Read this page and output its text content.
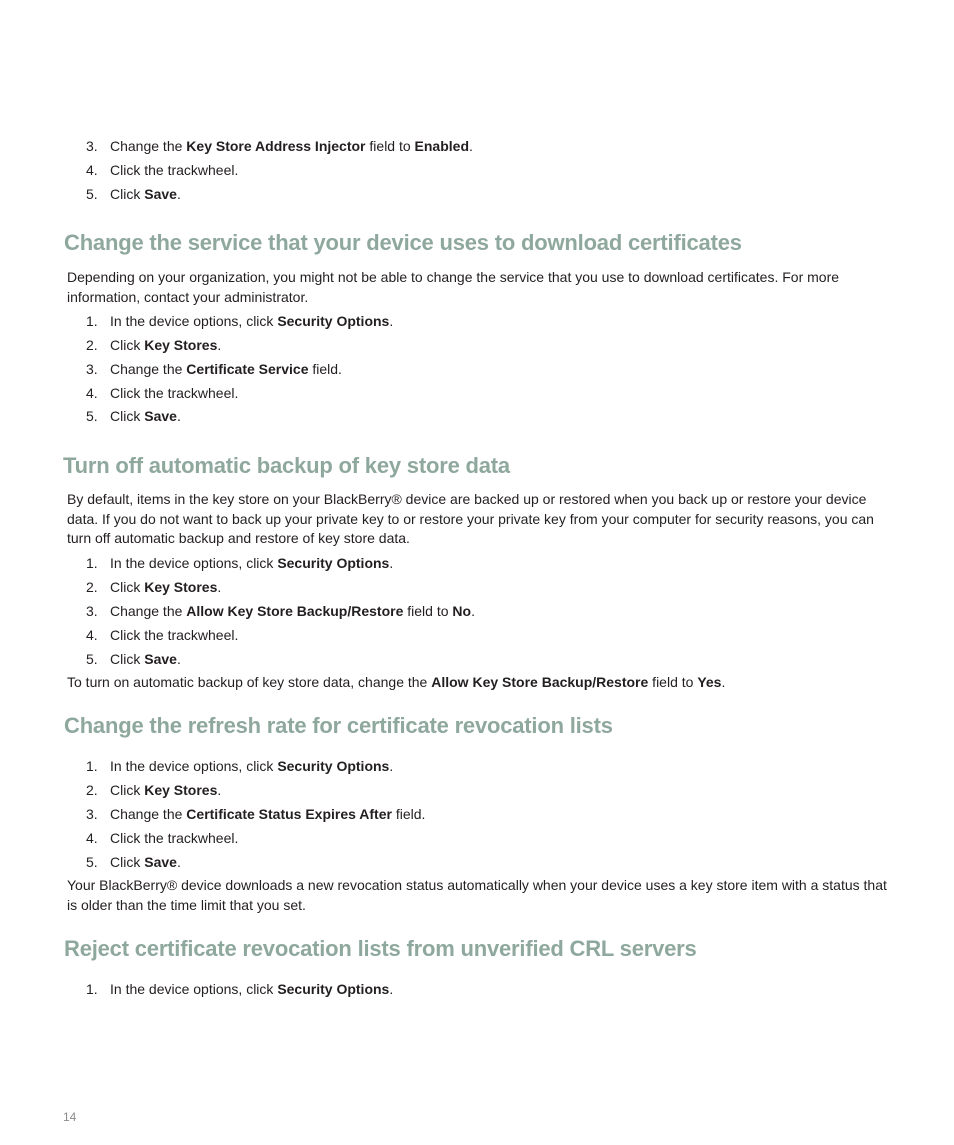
3. Change the Key Store Address Injector field to Enabled.
4. Click the trackwheel.
5. Click Save.
Change the service that your device uses to download certificates
Depending on your organization, you might not be able to change the service that you use to download certificates. For more information, contact your administrator.
1. In the device options, click Security Options.
2. Click Key Stores.
3. Change the Certificate Service field.
4. Click the trackwheel.
5. Click Save.
Turn off automatic backup of key store data
By default, items in the key store on your BlackBerry® device are backed up or restored when you back up or restore your device data. If you do not want to back up your private key to or restore your private key from your computer for security reasons, you can turn off automatic backup and restore of key store data.
1. In the device options, click Security Options.
2. Click Key Stores.
3. Change the Allow Key Store Backup/Restore field to No.
4. Click the trackwheel.
5. Click Save.
To turn on automatic backup of key store data, change the Allow Key Store Backup/Restore field to Yes.
Change the refresh rate for certificate revocation lists
1. In the device options, click Security Options.
2. Click Key Stores.
3. Change the Certificate Status Expires After field.
4. Click the trackwheel.
5. Click Save.
Your BlackBerry® device downloads a new revocation status automatically when your device uses a key store item with a status that is older than the time limit that you set.
Reject certificate revocation lists from unverified CRL servers
1. In the device options, click Security Options.
14
